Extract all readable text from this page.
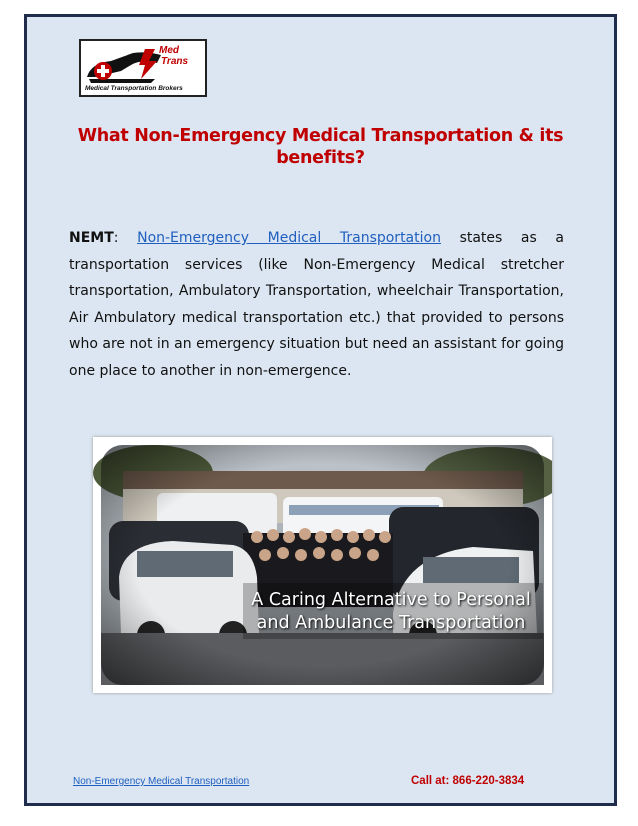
Med
Trans
Medical Transportation Brokers
What Non-Emergency Medical Transportation & its benefits?
NEMT: Non-Emergency Medical Transportation states as a transportation services (like Non-Emergency Medical stretcher transportation, Ambulatory Transportation, wheelchair Transportation, Air Ambulatory medical transportation etc.) that provided to persons who are not in an emergency situation but need an assistant for going one place to another in non-emergence.
A Caring Alternative to Personal
and Ambulance Transportation
Non-Emergency Medical Transportation	Call at: 866-220-3834
